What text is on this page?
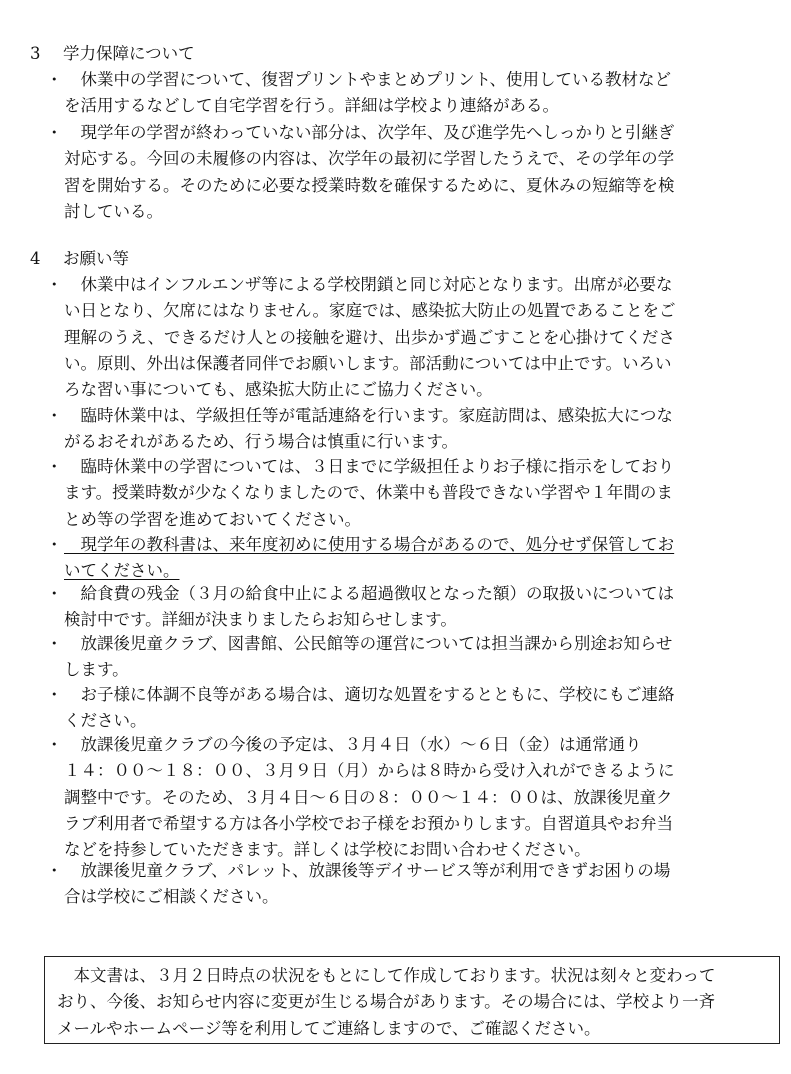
3 学力保障について
・	　休業中の学習について、復習プリントやまとめプリント、使用している教材など
を活用するなどして自宅学習を行う。詳細は学校より連絡がある。
・	　現学年の学習が終わっていない部分は、次学年、及び進学先へしっかりと引継ぎ
対応する。今回の未履修の内容は、次学年の最初に学習したうえで、その学年の学
習を開始する。そのために必要な授業時数を確保するために、夏休みの短縮等を検
討している。
4 お願い等
・	　休業中はインフルエンザ等による学校閉鎖と同じ対応となります。出席が必要な
い日となり、欠席にはなりません。家庭では、感染拡大防止の処置であることをご
理解のうえ、できるだけ人との接触を避け、出歩かず過ごすことを心掛けてくださ
い。原則、外出は保護者同伴でお願いします。部活動については中止です。いろい
ろな習い事についても、感染拡大防止にご協力ください。
・	　臨時休業中は、学級担任等が電話連絡を行います。家庭訪問は、感染拡大につな
がるおそれがあるため、行う場合は慎重に行います。
・	　臨時休業中の学習については、３日までに学級担任よりお子様に指示をしており
ます。授業時数が少なくなりましたので、休業中も普段できない学習や１年間のま
とめ等の学習を進めておいてください。
・	　現学年の教科書は、来年度初めに使用する場合があるので、処分せず保管してお
いてください。
・	　給食費の残金（３月の給食中止による超過徴収となった額）の取扱いについては
検討中です。詳細が決まりましたらお知らせします。
・	　放課後児童クラブ、図書館、公民館等の運営については担当課から別途お知らせ
します。
・	　お子様に体調不良等がある場合は、適切な処置をするとともに、学校にもご連絡
ください。
・	　放課後児童クラブの今後の予定は、３月４日（水）～６日（金）は通常通り
１４：００～１８：００、３月９日（月）からは８時から受け入れができるように
調整中です。そのため、３月４日～６日の８：００～１４：００は、放課後児童ク
ラブ利用者で希望する方は各小学校でお子様をお預かりします。自習道具やお弁当
などを持参していただきます。詳しくは学校にお問い合わせください。
・	　放課後児童クラブ、パレット、放課後等デイサービス等が利用できずお困りの場
合は学校にご相談ください。
　本文書は、３月２日時点の状況をもとにして作成しております。状況は刻々と変わって
おり、今後、お知らせ内容に変更が生じる場合があります。その場合には、学校より一斉
メールやホームページ等を利用してご連絡しますので、ご確認ください。
